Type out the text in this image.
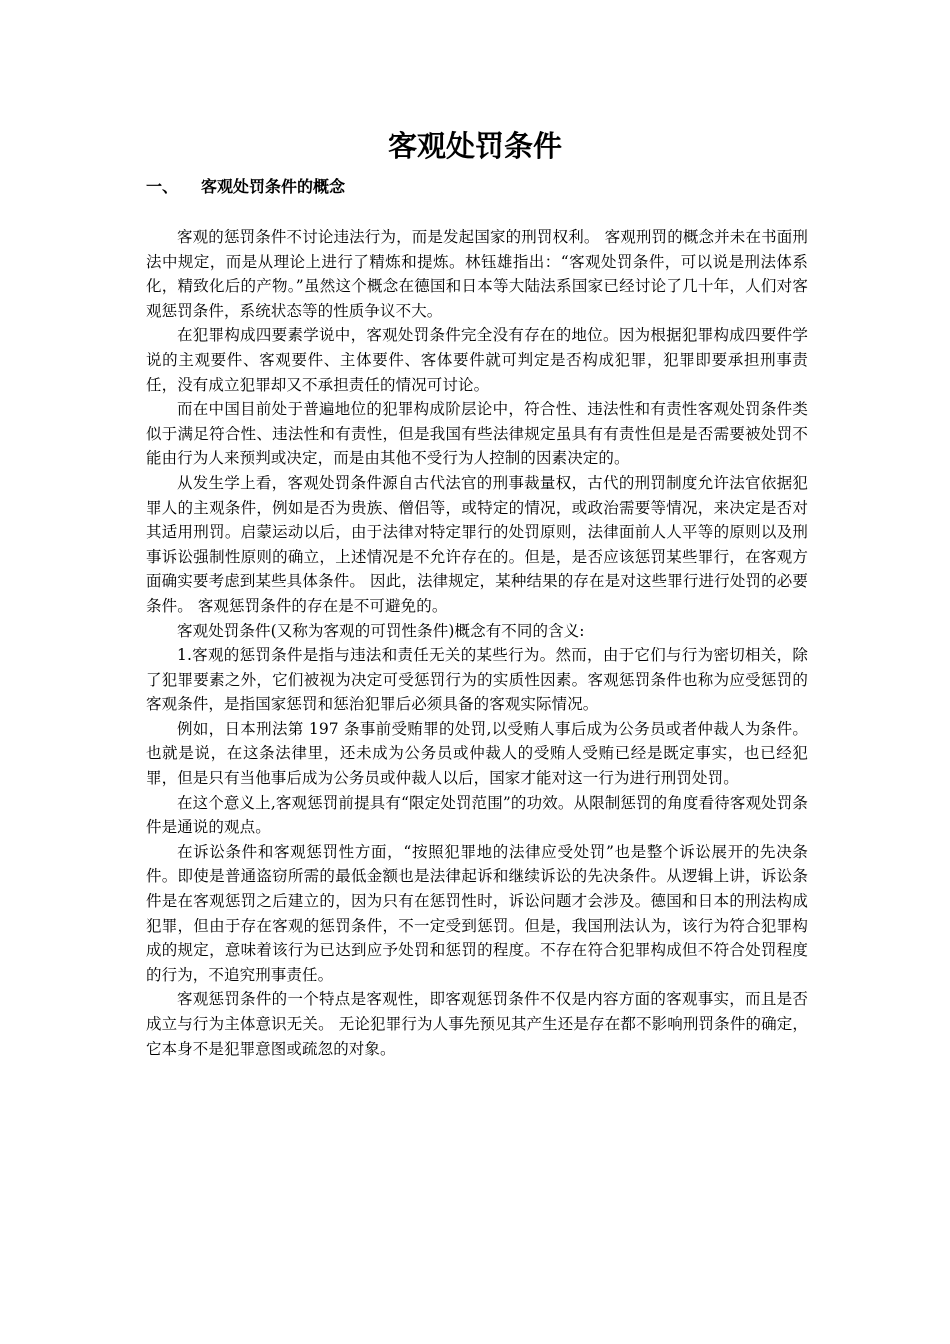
客观处罚条件
一、 客观处罚条件的概念

客观的惩罚条件不讨论违法行为，而是发起国家的刑罚权利。 客观刑罚的概念并未在书面刑法中规定，而是从理论上进行了精炼和提炼。林钰雄指出：“客观处罚条件，可以说是刑法体系化，精致化后的产物。”虽然这个概念在德国和日本等大陆法系国家已经讨论了几十年，人们对客观惩罚条件，系统状态等的性质争议不大。

在犯罪构成四要素学说中，客观处罚条件完全没有存在的地位。因为根据犯罪构成四要件学说的主观要件、客观要件、主体要件、客体要件就可判定是否构成犯罪，犯罪即要承担刑事责任，没有成立犯罪却又不承担责任的情况可讨论。

而在中国目前处于普遍地位的犯罪构成阶层论中，符合性、违法性和有责性客观处罚条件类似于满足符合性、违法性和有责性，但是我国有些法律规定虽具有有责性但是是否需要被处罚不能由行为人来预判或决定，而是由其他不受行为人控制的因素决定的。

从发生学上看，客观处罚条件源自古代法官的刑事裁量权，古代的刑罚制度允许法官依据犯罪人的主观条件，例如是否为贵族、僧侣等，或特定的情况，或政治需要等情况，来决定是否对其适用刑罚。启蒙运动以后，由于法律对特定罪行的处罚原则，法律面前人人平等的原则以及刑事诉讼强制性原则的确立，上述情况是不允许存在的。但是，是否应该惩罚某些罪行，在客观方面确实要考虑到某些具体条件。 因此，法律规定，某种结果的存在是对这些罪行进行处罚的必要条件。 客观惩罚条件的存在是不可避免的。

客观处罚条件(又称为客观的可罚性条件)概念有不同的含义:

1.客观的惩罚条件是指与违法和责任无关的某些行为。然而，由于它们与行为密切相关，除了犯罪要素之外，它们被视为决定可受惩罚行为的实质性因素。客观惩罚条件也称为应受惩罚的客观条件，是指国家惩罚和惩治犯罪后必须具备的客观实际情况。

例如，日本刑法第 197 条事前受贿罪的处罚,以受贿人事后成为公务员或者仲裁人为条件。也就是说，在这条法律里，还未成为公务员或仲裁人的受贿人受贿已经是既定事实，也已经犯罪，但是只有当他事后成为公务员或仲裁人以后，国家才能对这一行为进行刑罚处罚。

在这个意义上,客观惩罚前提具有“限定处罚范围”的功效。从限制惩罚的角度看待客观处罚条件是通说的观点。

在诉讼条件和客观惩罚性方面，“按照犯罪地的法律应受处罚”也是整个诉讼展开的先决条件。即使是普通盗窃所需的最低金额也是法律起诉和继续诉讼的先决条件。从逻辑上讲，诉讼条件是在客观惩罚之后建立的，因为只有在惩罚性时，诉讼问题才会涉及。德国和日本的刑法构成犯罪，但由于存在客观的惩罚条件，不一定受到惩罚。但是，我国刑法认为，该行为符合犯罪构成的规定，意味着该行为已达到应予处罚和惩罚的程度。不存在符合犯罪构成但不符合处罚程度的行为，不追究刑事责任。

客观惩罚条件的一个特点是客观性，即客观惩罚条件不仅是内容方面的客观事实，而且是否成立与行为主体意识无关。 无论犯罪行为人事先预见其产生还是存在都不影响刑罚条件的确定，它本身不是犯罪意图或疏忽的对象。
